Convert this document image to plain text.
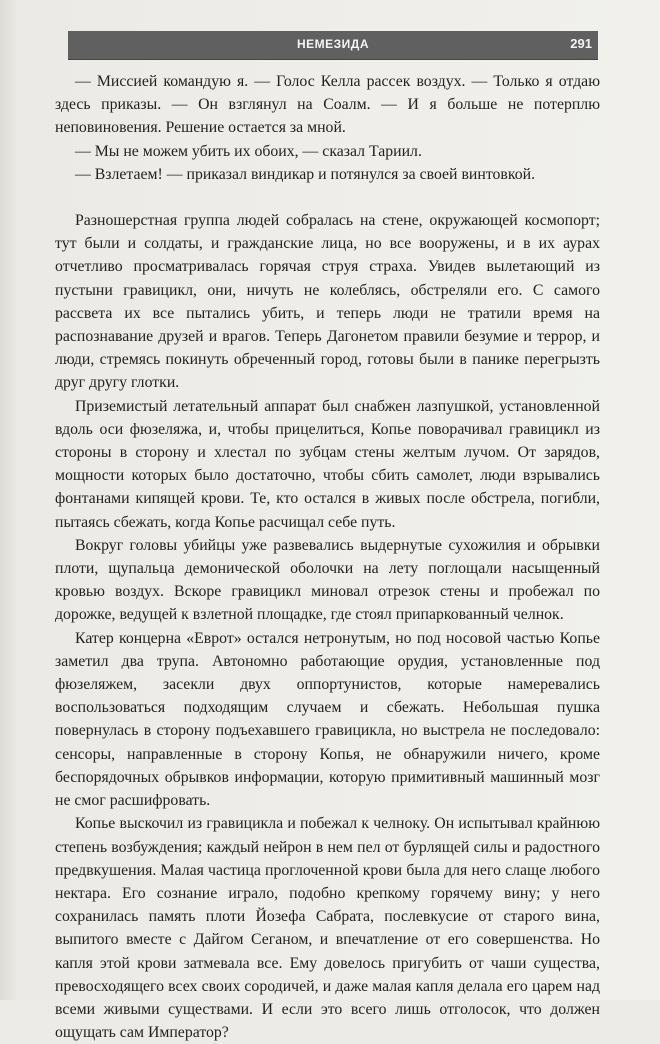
НЕМЕЗИДА	291

— Миссией командую я. — Голос Келла рассек воздух. — Только я отдаю здесь приказы. — Он взглянул на Соалм. — И я больше не потерплю неповиновения. Решение остается за мной.

— Мы не можем убить их обоих, — сказал Тариил.

— Взлетаем! — приказал виндикар и потянулся за своей винтовкой.

Разношерстная группа людей собралась на стене, окружающей космопорт; тут были и солдаты, и гражданские лица, но все вооружены, и в их аурах отчетливо просматривалась горячая струя страха. Увидев вылетающий из пустыни гравицикл, они, ничуть не колеблясь, обстреляли его. С самого рассвета их все пытались убить, и теперь люди не тратили время на распознавание друзей и врагов. Теперь Дагонетом правили безумие и террор, и люди, стремясь покинуть обреченный город, готовы были в панике перегрызть друг другу глотки.

Приземистый летательный аппарат был снабжен лазпушкой, установленной вдоль оси фюзеляжа, и, чтобы прицелиться, Копье поворачивал гравицикл из стороны в сторону и хлестал по зубцам стены желтым лучом. От зарядов, мощности которых было достаточно, чтобы сбить самолет, люди взрывались фонтанами кипящей крови. Те, кто остался в живых после обстрела, погибли, пытаясь сбежать, когда Копье расчищал себе путь.

Вокруг головы убийцы уже развевались выдернутые сухожилия и обрывки плоти, щупальца демонической оболочки на лету поглощали насыщенный кровью воздух. Вскоре гравицикл миновал отрезок стены и пробежал по дорожке, ведущей к взлетной площадке, где стоял припаркованный челнок.

Катер концерна «Еврот» остался нетронутым, но под носовой частью Копье заметил два трупа. Автономно работающие орудия, установленные под фюзеляжем, засекли двух оппортунистов, которые намеревались воспользоваться подходящим случаем и сбежать. Небольшая пушка повернулась в сторону подъехавшего гравицикла, но выстрела не последовало: сенсоры, направленные в сторону Копья, не обнаружили ничего, кроме беспорядочных обрывков информации, которую примитивный машинный мозг не смог расшифровать.

Копье выскочил из гравицикла и побежал к челноку. Он испытывал крайнюю степень возбуждения; каждый нейрон в нем пел от бурлящей силы и радостного предвкушения. Малая частица проглоченной крови была для него слаще любого нектара. Его сознание играло, подобно крепкому горячему вину; у него сохранилась память плоти Йозефа Сабрата, послевкусие от старого вина, выпитого вместе с Дайгом Сеганом, и впечатление от его совершенства. Но капля этой крови затмевала все. Ему довелось пригубить от чаши существа, превосходящего всех своих сородичей, и даже малая капля делала его царем над всеми живыми существами. И если это всего лишь отголосок, что должен ощущать сам Император?
